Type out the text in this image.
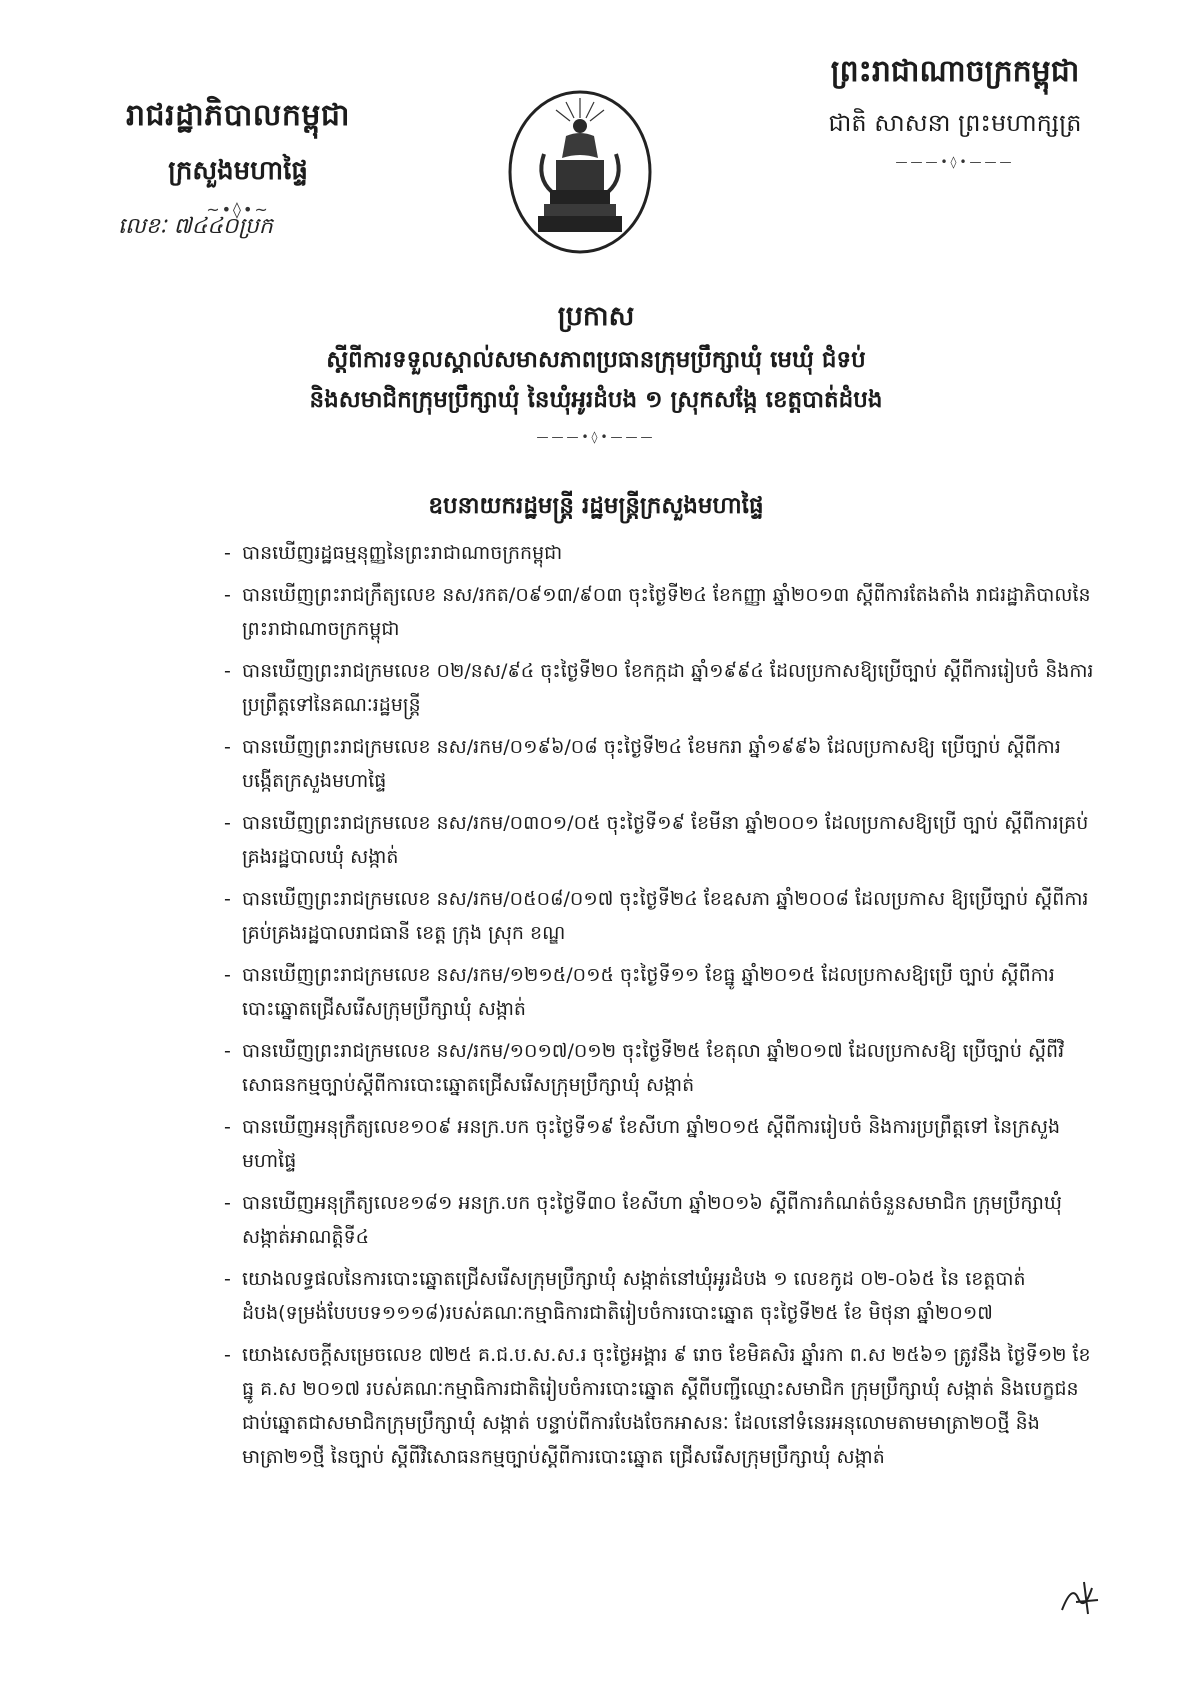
រាជរដ្ឋាភិបាលកម្ពុជា
ក្រសួងមហាផ្ទៃ
~•◊•~
លេខៈ ៧៤៤០ប្រក
ព្រះរាជាណាចក្រកម្ពុជា
ជាតិ សាសនា ព្រះមហាក្សត្រ
———•◊•———
ប្រកាស
ស្ដីពីការទទួលស្គាល់សមាសភាពប្រធានក្រុមប្រឹក្សាឃុំ មេឃុំ ជំទប់
និងសមាជិកក្រុមប្រឹក្សាឃុំ នៃឃុំអូរដំបង ១ ស្រុកសង្កែ ខេត្តបាត់ដំបង
———•◊•———
ឧបនាយករដ្ឋមន្ត្រី រដ្ឋមន្ត្រីក្រសួងមហាផ្ទៃ
- បានឃើញរដ្ឋធម្មនុញ្ញនៃព្រះរាជាណាចក្រកម្ពុជា
- បានឃើញព្រះរាជក្រឹត្យលេខ នស/រកត/០៩១៣/៩០៣ ចុះថ្ងៃទី២៤ ខែកញ្ញា ឆ្នាំ២០១៣ ស្ដីពីការតែងតាំង រាជរដ្ឋាភិបាលនៃព្រះរាជាណាចក្រកម្ពុជា
- បានឃើញព្រះរាជក្រមលេខ ០២/នស/៩៤ ចុះថ្ងៃទី២០ ខែកក្កដា ឆ្នាំ១៩៩៤ ដែលប្រកាសឱ្យប្រើច្បាប់ ស្ដីពីការរៀបចំ និងការប្រព្រឹត្តទៅនៃគណៈរដ្ឋមន្ត្រី
- បានឃើញព្រះរាជក្រមលេខ នស/រកម/០១៩៦/០៨ ចុះថ្ងៃទី២៤ ខែមករា ឆ្នាំ១៩៩៦ ដែលប្រកាសឱ្យ ប្រើច្បាប់ ស្ដីពីការបង្កើតក្រសួងមហាផ្ទៃ
- បានឃើញព្រះរាជក្រមលេខ នស/រកម/០៣០១/០៥ ចុះថ្ងៃទី១៩ ខែមីនា ឆ្នាំ២០០១ ដែលប្រកាសឱ្យប្រើ ច្បាប់ ស្ដីពីការគ្រប់គ្រងរដ្ឋបាលឃុំ សង្កាត់
- បានឃើញព្រះរាជក្រមលេខ នស/រកម/០៥០៨/០១៧ ចុះថ្ងៃទី២៤ ខែឧសភា ឆ្នាំ២០០៨ ដែលប្រកាស ឱ្យប្រើច្បាប់ ស្ដីពីការគ្រប់គ្រងរដ្ឋបាលរាជធានី ខេត្ត ក្រុង ស្រុក ខណ្ឌ
- បានឃើញព្រះរាជក្រមលេខ នស/រកម/១២១៥/០១៥ ចុះថ្ងៃទី១១ ខែធ្នូ ឆ្នាំ២០១៥ ដែលប្រកាសឱ្យប្រើ ច្បាប់ ស្ដីពីការបោះឆ្នោតជ្រើសរើសក្រុមប្រឹក្សាឃុំ សង្កាត់
- បានឃើញព្រះរាជក្រមលេខ នស/រកម/១០១៧/០១២ ចុះថ្ងៃទី២៥ ខែតុលា ឆ្នាំ២០១៧ ដែលប្រកាសឱ្យ ប្រើច្បាប់ ស្ដីពីវិសោធនកម្មច្បាប់ស្ដីពីការបោះឆ្នោតជ្រើសរើសក្រុមប្រឹក្សាឃុំ សង្កាត់
- បានឃើញអនុក្រឹត្យលេខ១០៩ អនក្រ.បក ចុះថ្ងៃទី១៩ ខែសីហា ឆ្នាំ២០១៥ ស្ដីពីការរៀបចំ និងការប្រព្រឹត្តទៅ នៃក្រសួងមហាផ្ទៃ
- បានឃើញអនុក្រឹត្យលេខ១៨១ អនក្រ.បក ចុះថ្ងៃទី៣០ ខែសីហា ឆ្នាំ២០១៦ ស្ដីពីការកំណត់ចំនួនសមាជិក ក្រុមប្រឹក្សាឃុំ សង្កាត់អាណត្តិទី៤
- យោងលទ្ធផលនៃការបោះឆ្នោតជ្រើសរើសក្រុមប្រឹក្សាឃុំ សង្កាត់នៅឃុំអូរដំបង ១ លេខកូដ ០២-០៦៥ នៃ ខេត្តបាត់ដំបង(ទម្រង់បែបបទ១១១៨)របស់គណៈកម្មាធិការជាតិរៀបចំការបោះឆ្នោត ចុះថ្ងៃទី២៥ ខែ មិថុនា ឆ្នាំ២០១៧
- យោងសេចក្ដីសម្រេចលេខ ៧២៥ គ.ជ.ប.ស.ស.រ ចុះថ្ងៃអង្គារ ៩ រោច ខែមិគសិរ ឆ្នាំរកា ព.ស ២៥៦១ ត្រូវនឹង ថ្ងៃទី១២ ខែធ្នូ គ.ស ២០១៧ របស់គណៈកម្មាធិការជាតិរៀបចំការបោះឆ្នោត ស្ដីពីបញ្ជីឈ្មោះសមាជិក ក្រុមប្រឹក្សាឃុំ សង្កាត់ និងបេក្ខជនជាប់ឆ្នោតជាសមាជិកក្រុមប្រឹក្សាឃុំ សង្កាត់ បន្ទាប់ពីការបែងចែកអាសនៈ ដែលនៅទំនេរអនុលោមតាមមាត្រា២០ថ្មី និងមាត្រា២១ថ្មី នៃច្បាប់ ស្ដីពីវិសោធនកម្មច្បាប់ស្ដីពីការបោះឆ្នោត ជ្រើសរើសក្រុមប្រឹក្សាឃុំ សង្កាត់
